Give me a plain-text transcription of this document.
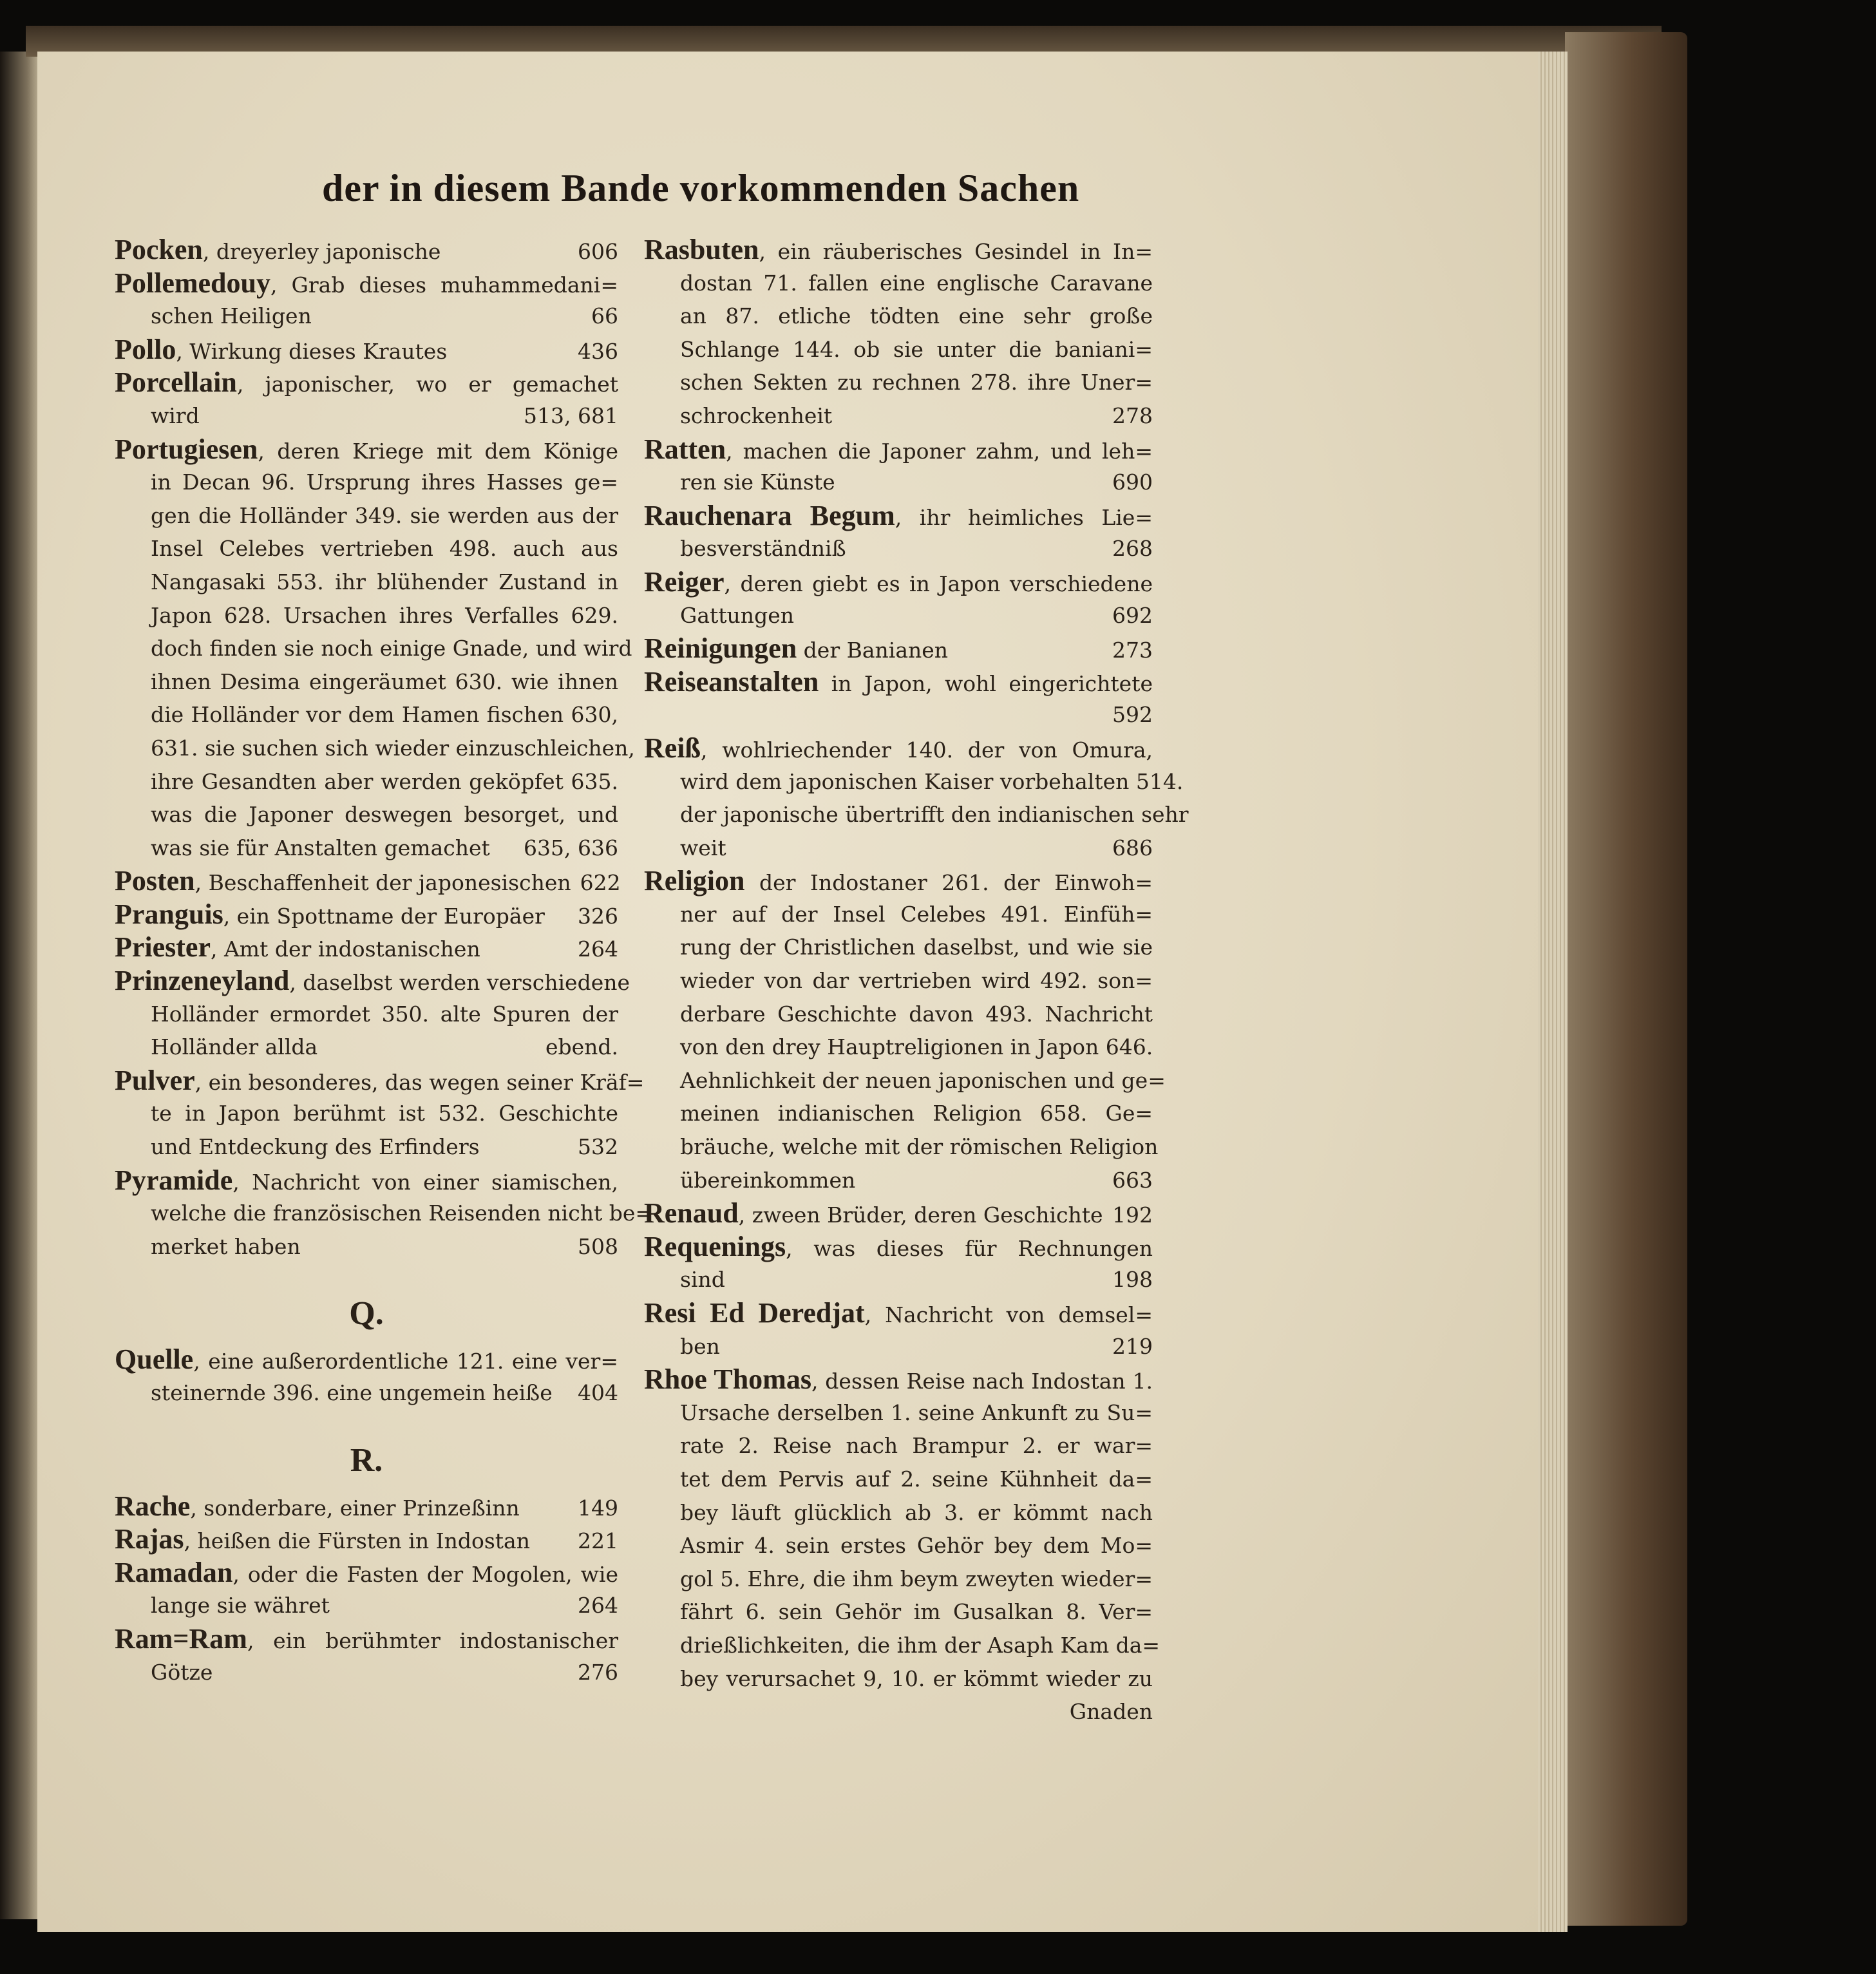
der in diesem Bande vorkommenden Sachen
Pocken, dreyerley japonische	606
Pollemedouy, Grab dieses muhammedani=
schen Heiligen	66
Pollo, Wirkung dieses Krautes	436
Porcellain, japonischer, wo er gemachet
wird	513, 681
Portugiesen, deren Kriege mit dem Könige
in Decan 96. Ursprung ihres Hasses ge=
gen die Holländer 349. sie werden aus der
Insel Celebes vertrieben 498. auch aus
Nangasaki 553. ihr blühender Zustand in
Japon 628. Ursachen ihres Verfalles 629.
doch finden sie noch einige Gnade, und wird
ihnen Desima eingeräumet 630. wie ihnen
die Holländer vor dem Hamen fischen 630,
631. sie suchen sich wieder einzuschleichen,
ihre Gesandten aber werden geköpfet 635.
was die Japoner deswegen besorget, und
was sie für Anstalten gemachet	635, 636
Posten, Beschaffenheit der japonesischen 622
Pranguis, ein Spottname der Europäer	326
Priester, Amt der indostanischen	264
Prinzeneyland, daselbst werden verschiedene
Holländer ermordet 350. alte Spuren der
Holländer allda	ebend.
Pulver, ein besonderes, das wegen seiner Kräf=
te in Japon berühmt ist 532. Geschichte
und Entdeckung des Erfinders	532
Pyramide, Nachricht von einer siamischen,
welche die französischen Reisenden nicht be=
merket haben	508
Q.
Quelle, eine außerordentliche 121. eine ver=
steinernde 396. eine ungemein heiße	404
R.
Rache, sonderbare, einer Prinzeßinn	149
Rajas, heißen die Fürsten in Indostan	221
Ramadan, oder die Fasten der Mogolen, wie
lange sie währet	264
Ram=Ram, ein berühmter indostanischer
Götze	276
Rasbuten, ein räuberisches Gesindel in In=
dostan 71. fallen eine englische Caravane
an 87. etliche tödten eine sehr große
Schlange 144. ob sie unter die baniani=
schen Sekten zu rechnen 278. ihre Uner=
schrockenheit	278
Ratten, machen die Japoner zahm, und leh=
ren sie Künste	690
Rauchenara Begum, ihr heimliches Lie=
besverständniß	268
Reiger, deren giebt es in Japon verschiedene
Gattungen	692
Reinigungen der Banianen	273
Reiseanstalten in Japon, wohl eingerichtete
592
Reiß, wohlriechender 140. der von Omura,
wird dem japonischen Kaiser vorbehalten 514.
der japonische übertrifft den indianischen sehr
weit	686
Religion der Indostaner 261. der Einwoh=
ner auf der Insel Celebes 491. Einfüh=
rung der Christlichen daselbst, und wie sie
wieder von dar vertrieben wird 492. son=
derbare Geschichte davon 493. Nachricht
von den drey Hauptreligionen in Japon 646.
Aehnlichkeit der neuen japonischen und ge=
meinen indianischen Religion 658. Ge=
bräuche, welche mit der römischen Religion
übereinkommen	663
Renaud, zween Brüder, deren Geschichte 192
Requenings, was dieses für Rechnungen
sind	198
Resi Ed Deredjat, Nachricht von demsel=
ben	219
Rhoe Thomas, dessen Reise nach Indostan 1.
Ursache derselben 1. seine Ankunft zu Su=
rate 2. Reise nach Brampur 2. er war=
tet dem Pervis auf 2. seine Kühnheit da=
bey läuft glücklich ab 3. er kömmt nach
Asmir 4. sein erstes Gehör bey dem Mo=
gol 5. Ehre, die ihm beym zweyten wieder=
fährt 6. sein Gehör im Gusalkan 8. Ver=
drießlichkeiten, die ihm der Asaph Kam da=
bey verursachet 9, 10. er kömmt wieder zu
Gnaden
